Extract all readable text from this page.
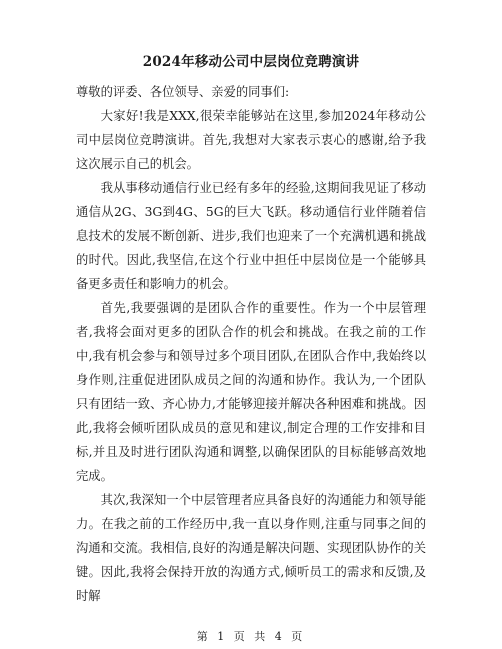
2024年移动公司中层岗位竞聘演讲

尊敬的评委、各位领导、亲爱的同事们:

大家好!我是XXX,很荣幸能够站在这里,参加2024年移动公司中层岗位竞聘演讲。首先,我想对大家表示衷心的感谢,给予我这次展示自己的机会。

我从事移动通信行业已经有多年的经验,这期间我见证了移动通信从2G、3G到4G、5G的巨大飞跃。移动通信行业伴随着信息技术的发展不断创新、进步,我们也迎来了一个充满机遇和挑战的时代。因此,我坚信,在这个行业中担任中层岗位是一个能够具备更多责任和影响力的机会。

首先,我要强调的是团队合作的重要性。作为一个中层管理者,我将会面对更多的团队合作的机会和挑战。在我之前的工作中,我有机会参与和领导过多个项目团队,在团队合作中,我始终以身作则,注重促进团队成员之间的沟通和协作。我认为,一个团队只有团结一致、齐心协力,才能够迎接并解决各种困难和挑战。因此,我将会倾听团队成员的意见和建议,制定合理的工作安排和目标,并且及时进行团队沟通和调整,以确保团队的目标能够高效地完成。

其次,我深知一个中层管理者应具备良好的沟通能力和领导能力。在我之前的工作经历中,我一直以身作则,注重与同事之间的沟通和交流。我相信,良好的沟通是解决问题、实现团队协作的关键。因此,我将会保持开放的沟通方式,倾听员工的需求和反馈,及时解

第 1 页 共 4 页
